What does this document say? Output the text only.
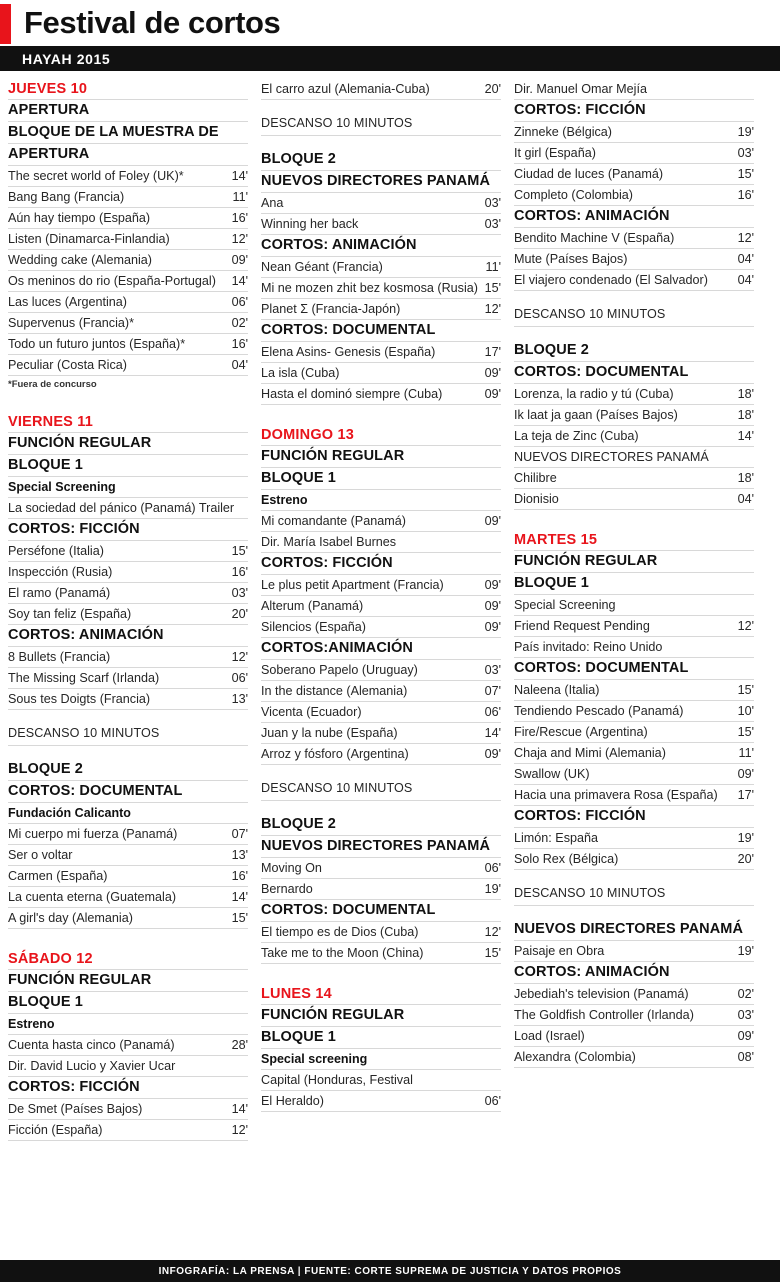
Festival de cortos
HAYAH 2015
JUEVES 10
APERTURA
BLOQUE DE LA MUESTRA DE
APERTURA
The secret world of Foley (UK)*	14'
Bang Bang (Francia)	11'
Aún hay tiempo (España)	16'
Listen (Dinamarca-Finlandia)	12'
Wedding cake (Alemania)	09'
Os meninos do rio (España-Portugal)	14'
Las luces (Argentina)	06'
Supervenus (Francia)*	02'
Todo un futuro juntos (España)*	16'
Peculiar (Costa Rica)	04'
*Fuera de concurso
VIERNES 11
FUNCIÓN REGULAR
BLOQUE 1
Special Screening
La sociedad del pánico (Panamá) Trailer
CORTOS: FICCIÓN
Perséfone (Italia)	15'
Inspección (Rusia)	16'
El ramo (Panamá)	03'
Soy tan feliz (España)	20'
CORTOS: ANIMACIÓN
8 Bullets (Francia)	12'
The Missing Scarf (Irlanda)	06'
Sous tes Doigts (Francia)	13'
DESCANSO 10 MINUTOS
BLOQUE 2
CORTOS: DOCUMENTAL
Fundación Calicanto
Mi cuerpo mi fuerza (Panamá)	07'
Ser o voltar	13'
Carmen (España)	16'
La cuenta eterna (Guatemala)	14'
A girl's day (Alemania)	15'
SÁBADO 12
FUNCIÓN REGULAR
BLOQUE 1
Estreno
Cuenta hasta cinco (Panamá)	28'
Dir. David Lucio y Xavier Ucar
CORTOS: FICCIÓN
De Smet (Países Bajos)	14'
Ficción (España)	12'
El carro azul (Alemania-Cuba)	20'
DESCANSO 10 MINUTOS
BLOQUE 2
NUEVOS DIRECTORES PANAMÁ
Ana	03'
Winning her back	03'
CORTOS: ANIMACIÓN
Nean Géant (Francia)	11'
Mi ne mozen zhit bez kosmosa (Rusia) 15'
Planet Σ (Francia-Japón)	12'
CORTOS: DOCUMENTAL
Elena Asins- Genesis (España)	17'
La isla (Cuba)	09'
Hasta el dominó siempre (Cuba)	09'
DOMINGO 13
FUNCIÓN REGULAR
BLOQUE 1
Estreno
Mi comandante (Panamá)	09'
Dir. María Isabel Burnes
CORTOS: FICCIÓN
Le plus petit Apartment (Francia)	09'
Alterum (Panamá)	09'
Silencios (España)	09'
CORTOS:ANIMACIÓN
Soberano Papelo (Uruguay)	03'
In the distance (Alemania)	07'
Vicenta (Ecuador)	06'
Juan y la nube (España)	14'
Arroz y fósforo (Argentina)	09'
DESCANSO 10 MINUTOS
BLOQUE 2
NUEVOS DIRECTORES PANAMÁ
Moving On	06'
Bernardo	19'
CORTOS: DOCUMENTAL
El tiempo es de Dios (Cuba)	12'
Take me to the Moon (China)	15'
LUNES 14
FUNCIÓN REGULAR
BLOQUE 1
Special screening
Capital (Honduras, Festival
El Heraldo)	06'
Dir. Manuel Omar Mejía
CORTOS: FICCIÓN
Zinneke (Bélgica)	19'
It girl (España)	03'
Ciudad de luces (Panamá)	15'
Completo (Colombia)	16'
CORTOS: ANIMACIÓN
Bendito Machine V (España)	12'
Mute (Países Bajos)	04'
El viajero condenado (El Salvador)	04'
DESCANSO 10 MINUTOS
BLOQUE 2
CORTOS: DOCUMENTAL
Lorenza, la radio y tú (Cuba)	18'
Ik laat ja gaan (Países Bajos)	18'
La teja de Zinc (Cuba)	14'
NUEVOS DIRECTORES PANAMÁ
Chilibre	18'
Dionisio	04'
MARTES 15
FUNCIÓN REGULAR
BLOQUE 1
Special Screening
Friend Request Pending	12'
País invitado: Reino Unido
CORTOS: DOCUMENTAL
Naleena (Italia)	15'
Tendiendo Pescado (Panamá)	10'
Fire/Rescue (Argentina)	15'
Chaja and Mimi (Alemania)	11'
Swallow (UK)	09'
Hacia una primavera Rosa (España)	17'
CORTOS: FICCIÓN
Limón: España	19'
Solo Rex (Bélgica)	20'
DESCANSO 10 MINUTOS
NUEVOS DIRECTORES PANAMÁ
Paisaje en Obra	19'
CORTOS: ANIMACIÓN
Jebediah's television (Panamá)	02'
The Goldfish Controller (Irlanda)	03'
Load (Israel)	09'
Alexandra (Colombia)	08'
INFOGRAFÍA: LA PRENSA | FUENTE: CORTE SUPREMA DE JUSTICIA Y DATOS PROPIOS
